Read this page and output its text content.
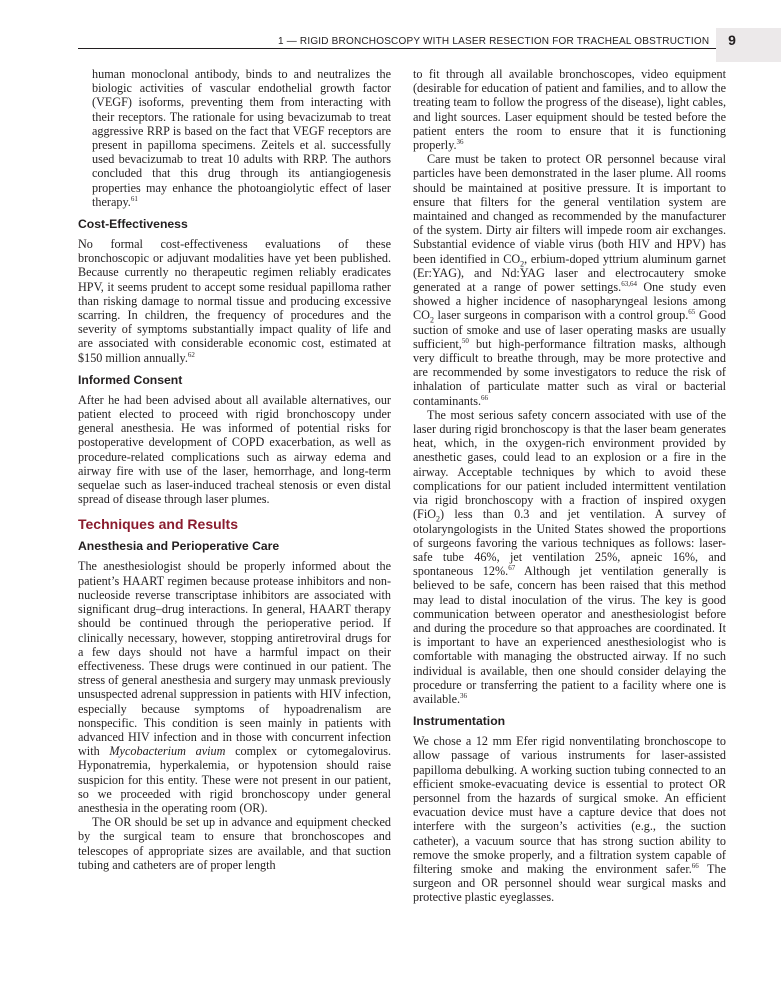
1 — RIGID BRONCHOSCOPY WITH LASER RESECTION FOR TRACHEAL OBSTRUCTION	9

human monoclonal antibody, binds to and neutralizes the biologic activities of vascular endothelial growth factor (VEGF) isoforms, preventing them from interacting with their receptors. The rationale for using bevacizumab to treat aggressive RRP is based on the fact that VEGF receptors are present in papilloma specimens. Zeitels et al. successfully used bevacizumab to treat 10 adults with RRP. The authors concluded that this drug through its antiangiogenesis properties may enhance the photoangiolytic effect of laser therapy.$^{61}$

Cost-Effectiveness

No formal cost-effectiveness evaluations of these bronchoscopic or adjuvant modalities have yet been published. Because currently no therapeutic regimen reliably eradicates HPV, it seems prudent to accept some residual papilloma rather than risking damage to normal tissue and producing excessive scarring. In children, the frequency of procedures and the severity of symptoms substantially impact quality of life and are associated with considerable economic cost, estimated at $150 million annually.$^{62}$

Informed Consent

After he had been advised about all available alternatives, our patient elected to proceed with rigid bronchoscopy under general anesthesia. He was informed of potential risks for postoperative development of COPD exacerbation, as well as procedure-related complications such as airway edema and airway fire with use of the laser, hemorrhage, and long-term sequelae such as laser-induced tracheal stenosis or even distal spread of disease through laser plumes.

Techniques and Results
Anesthesia and Perioperative Care

The anesthesiologist should be properly informed about the patient’s HAART regimen because protease inhibitors and non-nucleoside reverse transcriptase inhibitors are associated with significant drug–drug interactions. In general, HAART therapy should be continued through the perioperative period. If clinically necessary, however, stopping antiretroviral drugs for a few days should not have a harmful impact on their effectiveness. These drugs were continued in our patient. The stress of general anesthesia and surgery may unmask previously unsuspected adrenal suppression in patients with HIV infection, especially because symptoms of hypoadrenalism are nonspecific. This condition is seen mainly in patients with advanced HIV infection and in those with concurrent infection with Mycobacterium avium complex or cytomegalovirus. Hyponatremia, hyperkalemia, or hypotension should raise suspicion for this entity. These were not present in our patient, so we proceeded with rigid bronchoscopy under general anesthesia in the operating room (OR).

The OR should be set up in advance and equipment checked by the surgical team to ensure that bronchoscopes and telescopes of appropriate sizes are available, and that suction tubing and catheters are of proper length

to fit through all available bronchoscopes, video equipment (desirable for education of patient and families, and to allow the treating team to follow the progress of the disease), light cables, and light sources. Laser equipment should be tested before the patient enters the room to ensure that it is functioning properly.$^{36}$

Care must be taken to protect OR personnel because viral particles have been demonstrated in the laser plume. All rooms should be maintained at positive pressure. It is important to ensure that filters for the general ventilation system are maintained and changed as recommended by the manufacturer of the system. Dirty air filters will impede room air exchanges. Substantial evidence of viable virus (both HIV and HPV) has been identified in $CO_2$, erbium-doped yttrium aluminum garnet (Er:YAG), and Nd:YAG laser and electrocautery smoke generated at a range of power settings.$^{63,64}$ One study even showed a higher incidence of nasopharyngeal lesions among $CO_2$ laser surgeons in comparison with a control group.$^{65}$ Good suction of smoke and use of laser operating masks are usually sufficient,$^{50}$ but high-performance filtration masks, although very difficult to breathe through, may be more protective and are recommended by some investigators to reduce the risk of inhalation of particulate matter such as viral or bacterial contaminants.$^{66}$

The most serious safety concern associated with use of the laser during rigid bronchoscopy is that the laser beam generates heat, which, in the oxygen-rich environment provided by anesthetic gases, could lead to an explosion or a fire in the airway. Acceptable techniques by which to avoid these complications for our patient included intermittent ventilation via rigid bronchoscopy with a fraction of inspired oxygen (FiO$_2$) less than 0.3 and jet ventilation. A survey of otolaryngologists in the United States showed the proportions of surgeons favoring the various techniques as follows: laser-safe tube 46%, jet ventilation 25%, apneic 16%, and spontaneous 12%.$^{67}$ Although jet ventilation generally is believed to be safe, concern has been raised that this method may lead to distal inoculation of the virus. The key is good communication between operator and anesthesiologist before and during the procedure so that approaches are coordinated. It is important to have an experienced anesthesiologist who is comfortable with managing the obstructed airway. If no such individual is available, then one should consider delaying the procedure or transferring the patient to a facility where one is available.$^{36}$

Instrumentation

We chose a 12 mm Efer rigid nonventilating bronchoscope to allow passage of various instruments for laser-assisted papilloma debulking. A working suction tubing connected to an efficient smoke-evacuating device is essential to protect OR personnel from the hazards of surgical smoke. An efficient evacuation device must have a capture device that does not interfere with the surgeon’s activities (e.g., the suction catheter), a vacuum source that has strong suction ability to remove the smoke properly, and a filtration system capable of filtering smoke and making the environment safer.$^{66}$ The surgeon and OR personnel should wear surgical masks and protective plastic eyeglasses.
